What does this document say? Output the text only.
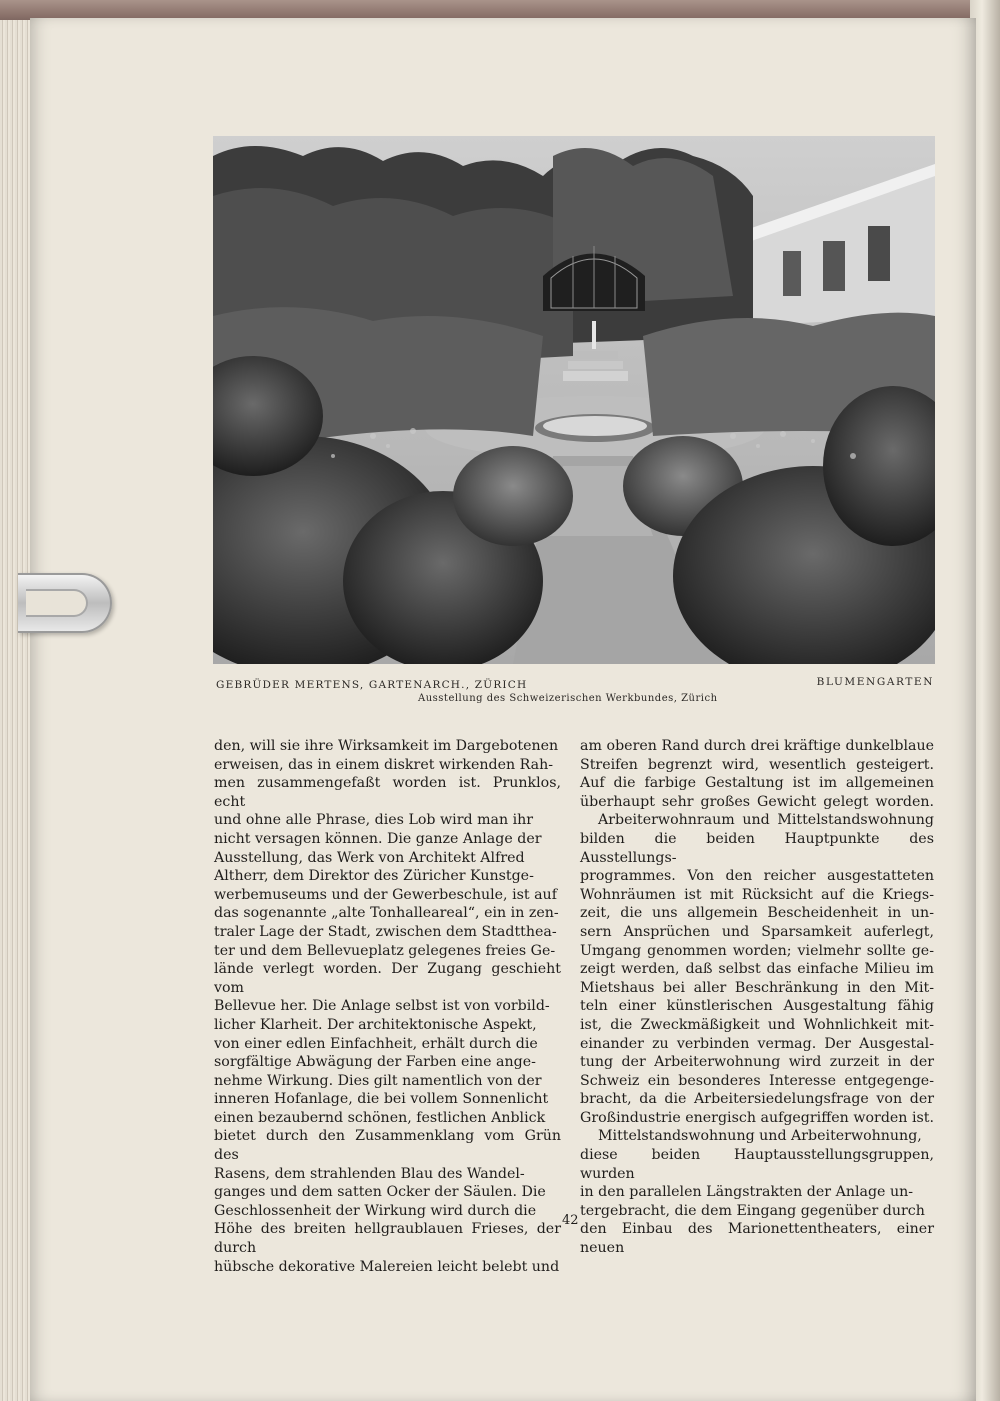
GEBRÜDER MERTENS, GARTENARCH., ZÜRICH	BLUMENGARTEN
Ausstellung des Schweizerischen Werkbundes, Zürich

den, will sie ihre Wirksamkeit im Dargebotenen
erweisen, das in einem diskret wirkenden Rah-
men zusammengefaßt worden ist. Prunklos, echt
und ohne alle Phrase, dies Lob wird man ihr
nicht versagen können. Die ganze Anlage der
Ausstellung, das Werk von Architekt Alfred
Altherr, dem Direktor des Züricher Kunstge-
werbemuseums und der Gewerbeschule, ist auf
das sogenannte „alte Tonhalleareal“, ein in zen-
traler Lage der Stadt, zwischen dem Stadtthea-
ter und dem Bellevueplatz gelegenes freies Ge-
lände verlegt worden. Der Zugang geschieht vom
Bellevue her. Die Anlage selbst ist von vorbild-
licher Klarheit. Der architektonische Aspekt,
von einer edlen Einfachheit, erhält durch die
sorgfältige Abwägung der Farben eine ange-
nehme Wirkung. Dies gilt namentlich von der
inneren Hofanlage, die bei vollem Sonnenlicht
einen bezaubernd schönen, festlichen Anblick
bietet durch den Zusammenklang vom Grün des
Rasens, dem strahlenden Blau des Wandel-
ganges und dem satten Ocker der Säulen. Die
Geschlossenheit der Wirkung wird durch die
Höhe des breiten hellgraublauen Frieses, der durch
hübsche dekorative Malereien leicht belebt und

am oberen Rand durch drei kräftige dunkelblaue
Streifen begrenzt wird, wesentlich gesteigert.
Auf die farbige Gestaltung ist im allgemeinen
überhaupt sehr großes Gewicht gelegt worden.

Arbeiterwohnraum und Mittelstandswohnung
bilden die beiden Hauptpunkte des Ausstellungs-
programmes. Von den reicher ausgestatteten
Wohnräumen ist mit Rücksicht auf die Kriegs-
zeit, die uns allgemein Bescheidenheit in un-
sern Ansprüchen und Sparsamkeit auferlegt,
Umgang genommen worden; vielmehr sollte ge-
zeigt werden, daß selbst das einfache Milieu im
Mietshaus bei aller Beschränkung in den Mit-
teln einer künstlerischen Ausgestaltung fähig
ist, die Zweckmäßigkeit und Wohnlichkeit mit-
einander zu verbinden vermag. Der Ausgestal-
tung der Arbeiterwohnung wird zurzeit in der
Schweiz ein besonderes Interesse entgegenge-
bracht, da die Arbeitersiedelungsfrage von der
Großindustrie energisch aufgegriffen worden ist.

Mittelstandswohnung und Arbeiterwohnung,
diese beiden Hauptausstellungsgruppen, wurden
in den parallelen Längstrakten der Anlage un-
tergebracht, die dem Eingang gegenüber durch
den Einbau des Marionettentheaters, einer neuen

42
